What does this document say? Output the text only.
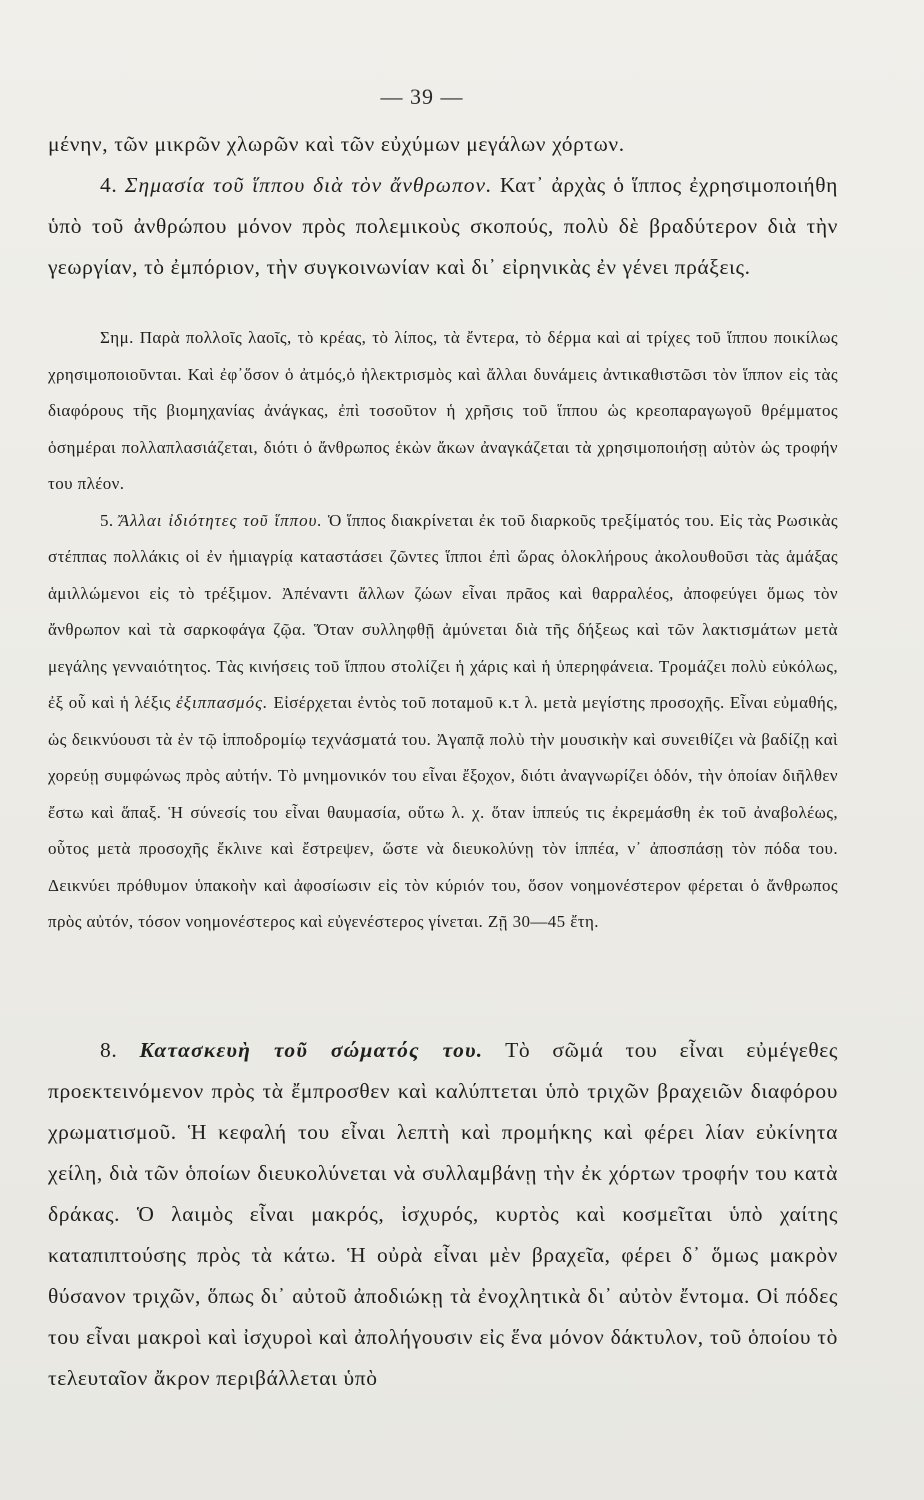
— 39 —

μένην, τῶν μικρῶν χλωρῶν καὶ τῶν εὐχύμων μεγάλων χόρτων.

4. Σημασία τοῦ ἵππου διὰ τὸν ἄνθρωπον. Κατ᾿ ἀρχὰς ὁ ἵππος ἐχρησιμοποιήθη ὑπὸ τοῦ ἀνθρώπου μόνον πρὸς πολεμικοὺς σκοπούς, πολὺ δὲ βραδύτερον διὰ τὴν γεωργίαν, τὸ ἐμπόριον, τὴν συγκοινωνίαν καὶ δι᾿ εἰρηνικὰς ἐν γένει πράξεις.

Σημ. Παρὰ πολλοῖς λαοῖς, τὸ κρέας, τὸ λίπος, τὰ ἔντερα, τὸ δέρμα καὶ αἱ τρίχες τοῦ ἵππου ποικίλως χρησιμοποιοῦνται. Καὶ ἐφ᾿ὅσον ὁ ἀτμός,ὁ ἠλεκτρισμὸς καὶ ἄλλαι δυνάμεις ἀντικαθιστῶσι τὸν ἵππον εἰς τὰς διαφόρους τῆς βιομηχανίας ἀνάγκας, ἐπὶ τοσοῦτον ἡ χρῆσις τοῦ ἵππου ὡς κρεοπαραγωγοῦ θρέμματος ὁσημέραι πολλαπλασιάζεται, διότι ὁ ἄνθρωπος ἑκὼν ἄκων ἀναγκάζεται τὰ χρησιμοποιήσῃ αὐτὸν ὡς τροφήν του πλέον.

5. Ἄλλαι ἰδιότητες τοῦ ἵππου. Ὁ ἵππος διακρίνεται ἐκ τοῦ διαρκοῦς τρεξίματός του. Εἰς τὰς Ρωσικὰς στέππας πολλάκις οἱ ἐν ἡμιαγρίᾳ καταστάσει ζῶντες ἵπποι ἐπὶ ὥρας ὁλοκλήρους ἀκολουθοῦσι τὰς ἁμάξας ἁμιλλώμενοι εἰς τὸ τρέξιμον. Ἀπέναντι ἄλλων ζώων εἶναι πρᾶος καὶ θαρραλέος, ἀποφεύγει ὅμως τὸν ἄνθρωπον καὶ τὰ σαρκοφάγα ζῷα. Ὅταν συλληφθῇ ἀμύνεται διὰ τῆς δήξεως καὶ τῶν λακτισμάτων μετὰ μεγάλης γενναιότητος. Τὰς κινήσεις τοῦ ἵππου στολίζει ἡ χάρις καὶ ἡ ὑπερηφάνεια. Τρομάζει πολὺ εὐκόλως, ἐξ οὗ καὶ ἡ λέξις ἐξιππασμός. Εἰσέρχεται ἐντὸς τοῦ ποταμοῦ κ.τ λ. μετὰ μεγίστης προσοχῆς. Εἶναι εὐμαθής, ὡς δεικνύουσι τὰ ἐν τῷ ἱπποδρομίῳ τεχνάσματά του. Ἀγαπᾷ πολὺ τὴν μουσικὴν καὶ συνειθίζει νὰ βαδίζῃ καὶ χορεύῃ συμφώνως πρὸς αὐτήν. Τὸ μνημονικόν του εἶναι ἔξοχον, διότι ἀναγνωρίζει ὁδόν, τὴν ὁποίαν διῆλθεν ἔστω καὶ ἅπαξ. Ἡ σύνεσίς του εἶναι θαυμασία, οὕτω λ. χ. ὅταν ἱππεύς τις ἐκρεμάσθη ἐκ τοῦ ἀναβολέως, οὗτος μετὰ προσοχῆς ἔκλινε καὶ ἔστρεψεν, ὥστε νὰ διευκολύνῃ τὸν ἱππέα, ν᾿ ἀποσπάσῃ τὸν πόδα του. Δεικνύει πρόθυμον ὑπακοὴν καὶ ἀφοσίωσιν εἰς τὸν κύριόν του, ὅσον νοημονέστερον φέρεται ὁ ἄνθρωπος πρὸς αὐτόν, τόσον νοημονέστερος καὶ εὐγενέστερος γίνεται. Ζῇ 30—45 ἔτη.

8. Κατασκευὴ τοῦ σώματός του. Τὸ σῶμά του εἶναι εὐμέγεθες προεκτεινόμενον πρὸς τὰ ἔμπροσθεν καὶ καλύπτεται ὑπὸ τριχῶν βραχειῶν διαφόρου χρωματισμοῦ. Ἡ κεφαλή του εἶναι λεπτὴ καὶ προμήκης καὶ φέρει λίαν εὐκίνητα χείλη, διὰ τῶν ὁποίων διευκολύνεται νὰ συλλαμβάνῃ τὴν ἐκ χόρτων τροφήν του κατὰ δράκας. Ὁ λαιμὸς εἶναι μακρός, ἰσχυρός, κυρτὸς καὶ κοσμεῖται ὑπὸ χαίτης καταπιπτούσης πρὸς τὰ κάτω. Ἡ οὐρὰ εἶναι μὲν βραχεῖα, φέρει δ᾿ ὅμως μακρὸν θύσανον τριχῶν, ὅπως δι᾿ αὐτοῦ ἀποδιώκῃ τὰ ἐνοχλητικὰ δι᾿ αὐτὸν ἔντομα. Οἱ πόδες του εἶναι μακροὶ καὶ ἰσχυροὶ καὶ ἀπολήγουσιν εἰς ἕνα μόνον δάκτυλον, τοῦ ὁποίου τὸ τελευταῖον ἄκρον περιβάλλεται ὑπὸ
